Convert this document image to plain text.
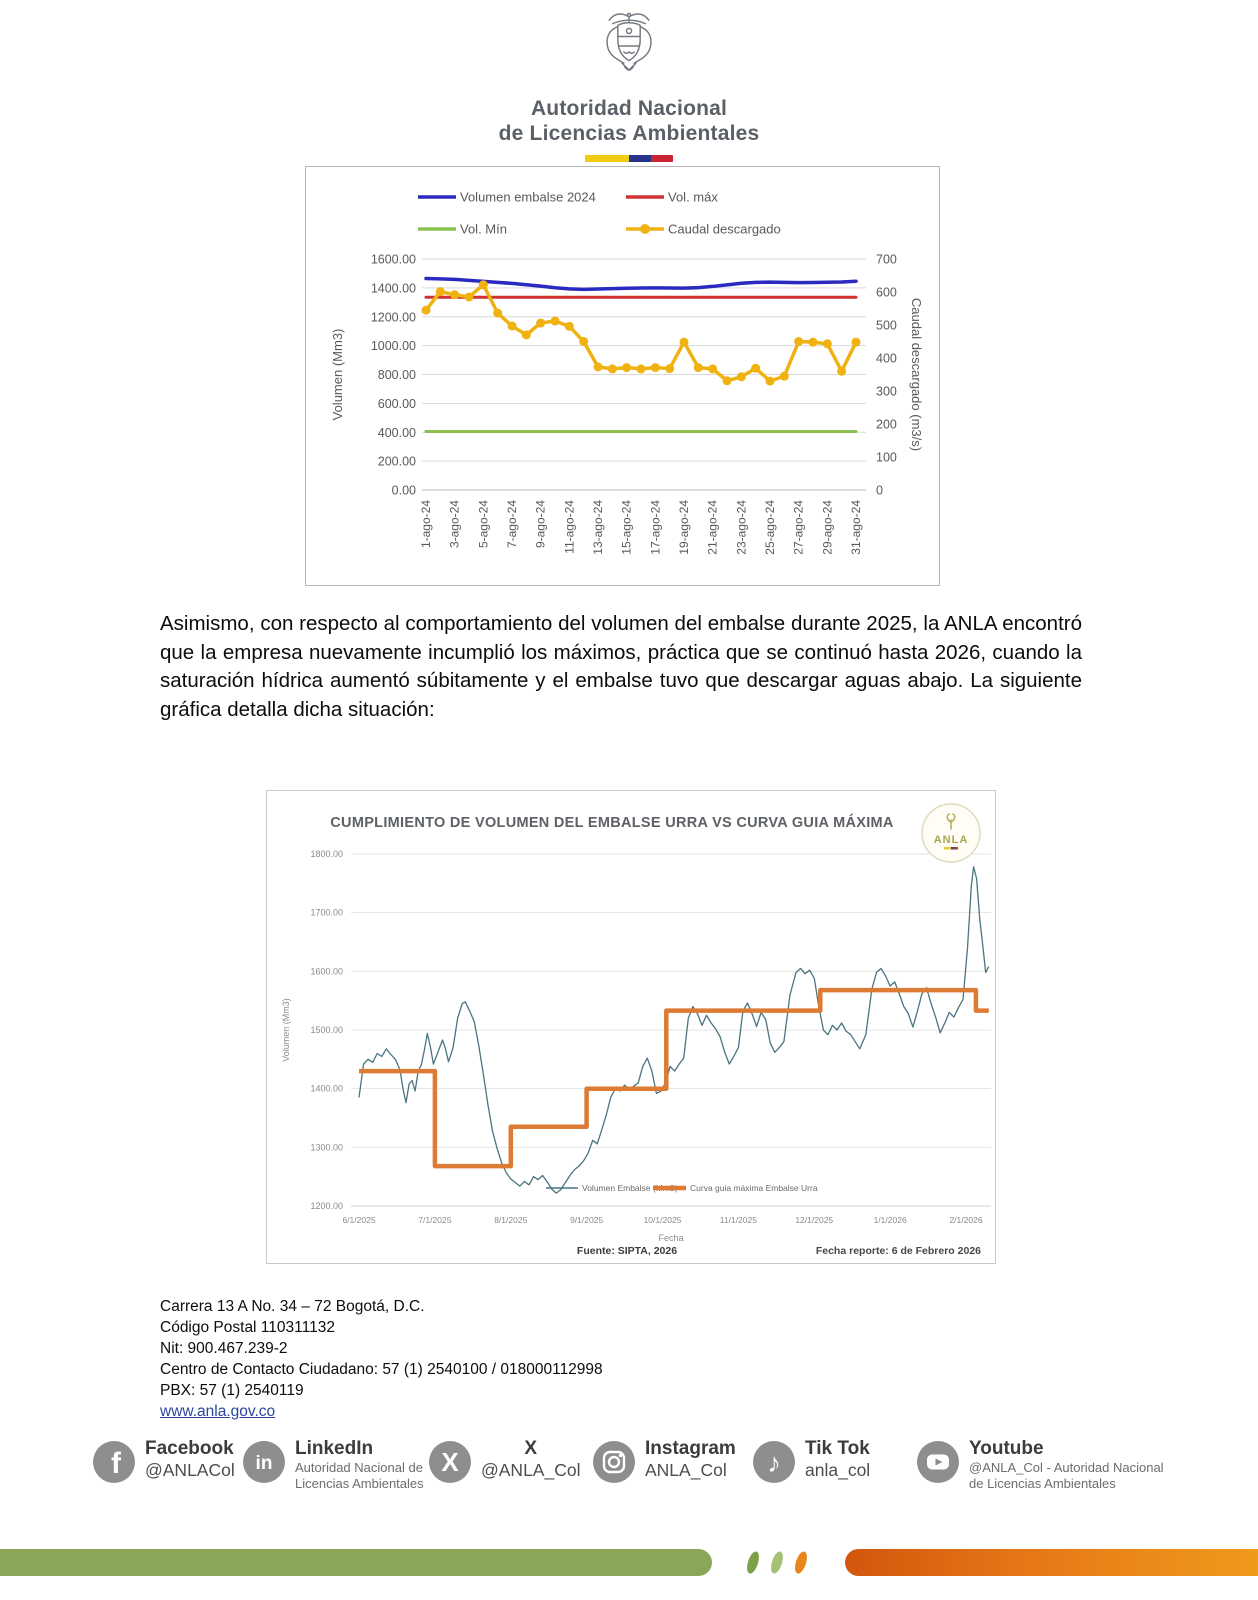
Autoridad Nacional
de Licencias Ambientales
0.00
200.00
400.00
600.00
800.00
1000.00
1200.00
1400.00
1600.00
0
100
200
300
400
500
600
700
Volumen (Mm3)	Caudal descargado (m3/s)
1-ago-24 3-ago-24 5-ago-24 7-ago-24 9-ago-24 11-ago-24 13-ago-24 15-ago-24 17-ago-24 19-ago-24 21-ago-24 23-ago-24 25-ago-24 27-ago-24 29-ago-24 31-ago-24
Volumen embalse 2024	Vol. máx
Vol. Mín	Caudal descargado

Asimismo, con respecto al comportamiento del volumen del embalse durante 2025, la ANLA encontró que la empresa nuevamente incumplió los máximos, práctica que se continuó hasta 2026, cuando la saturación hídrica aumentó súbitamente y el embalse tuvo que descargar aguas abajo. La siguiente gráfica detalla dicha situación:

1200.00
1300.00
1400.00
1500.00
1600.00
1700.00
1800.00
Volumen (Mm3)
6/1/2025	7/1/2025	8/1/2025	9/1/2025	10/1/2025	11/1/2025	12/1/2025	1/1/2026	2/1/2026
Fecha
Volumen Embalse (Mm3) Curva guia máxima Embalse Urra
CUMPLIMIENTO DE VOLUMEN DEL EMBALSE URRA VS CURVA GUIA MÁXIMA
ANLA
Fuente: SIPTA, 2026	Fecha reporte: 6 de Febrero 2026
Carrera 13 A No. 34 – 72 Bogotá, D.C.
Código Postal 110311132
Nit: 900.467.239-2
Centro de Contacto Ciudadano: 57 (1) 2540100 / 018000112998
PBX: 57 (1) 2540119
www.anla.gov.co
f Facebook
@ANLACol in
LinkedIn
Autoridad Nacional de Licencias Ambientales
X	X
@ANLA_Col
Instagram
ANLA_Col	♪ Tik Tok
anla_col
Youtube
@ANLA_Col - Autoridad Nacional de Licencias Ambientales
